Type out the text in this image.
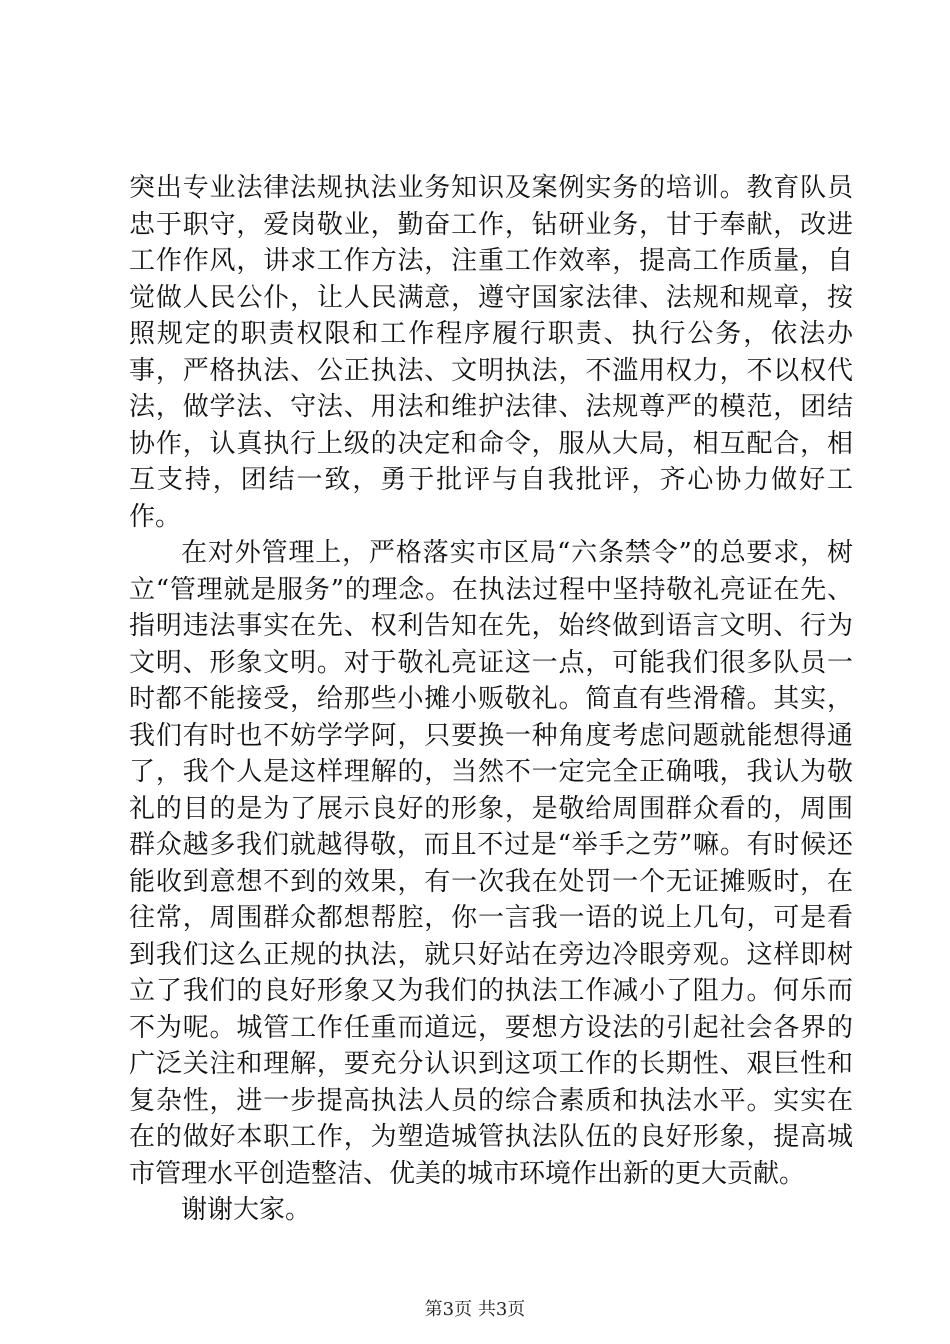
突出专业法律法规执法业务知识及案例实务的培训。教育队员忠于职守，爱岗敬业，勤奋工作，钻研业务，甘于奉献，改进工作作风，讲求工作方法，注重工作效率，提高工作质量，自觉做人民公仆，让人民满意，遵守国家法律、法规和规章，按照规定的职责权限和工作程序履行职责、执行公务，依法办事，严格执法、公正执法、文明执法，不滥用权力，不以权代法，做学法、守法、用法和维护法律、法规尊严的模范，团结协作，认真执行上级的决定和命令，服从大局，相互配合，相互支持，团结一致，勇于批评与自我批评，齐心协力做好工作。

在对外管理上，严格落实市区局“六条禁令”的总要求，树立“管理就是服务”的理念。在执法过程中坚持敬礼亮证在先、指明违法事实在先、权利告知在先，始终做到语言文明、行为文明、形象文明。对于敬礼亮证这一点，可能我们很多队员一时都不能接受，给那些小摊小贩敬礼。简直有些滑稽。其实，我们有时也不妨学学阿，只要换一种角度考虑问题就能想得通了，我个人是这样理解的，当然不一定完全正确哦，我认为敬礼的目的是为了展示良好的形象，是敬给周围群众看的，周围群众越多我们就越得敬，而且不过是“举手之劳”嘛。有时候还能收到意想不到的效果，有一次我在处罚一个无证摊贩时，在往常，周围群众都想帮腔，你一言我一语的说上几句，可是看到我们这么正规的执法，就只好站在旁边冷眼旁观。这样即树立了我们的良好形象又为我们的执法工作减小了阻力。何乐而不为呢。城管工作任重而道远，要想方设法的引起社会各界的广泛关注和理解，要充分认识到这项工作的长期性、艰巨性和复杂性，进一步提高执法人员的综合素质和执法水平。实实在在的做好本职工作，为塑造城管执法队伍的良好形象，提高城市管理水平创造整洁、优美的城市环境作出新的更大贡献。

谢谢大家。

第3页 共3页
